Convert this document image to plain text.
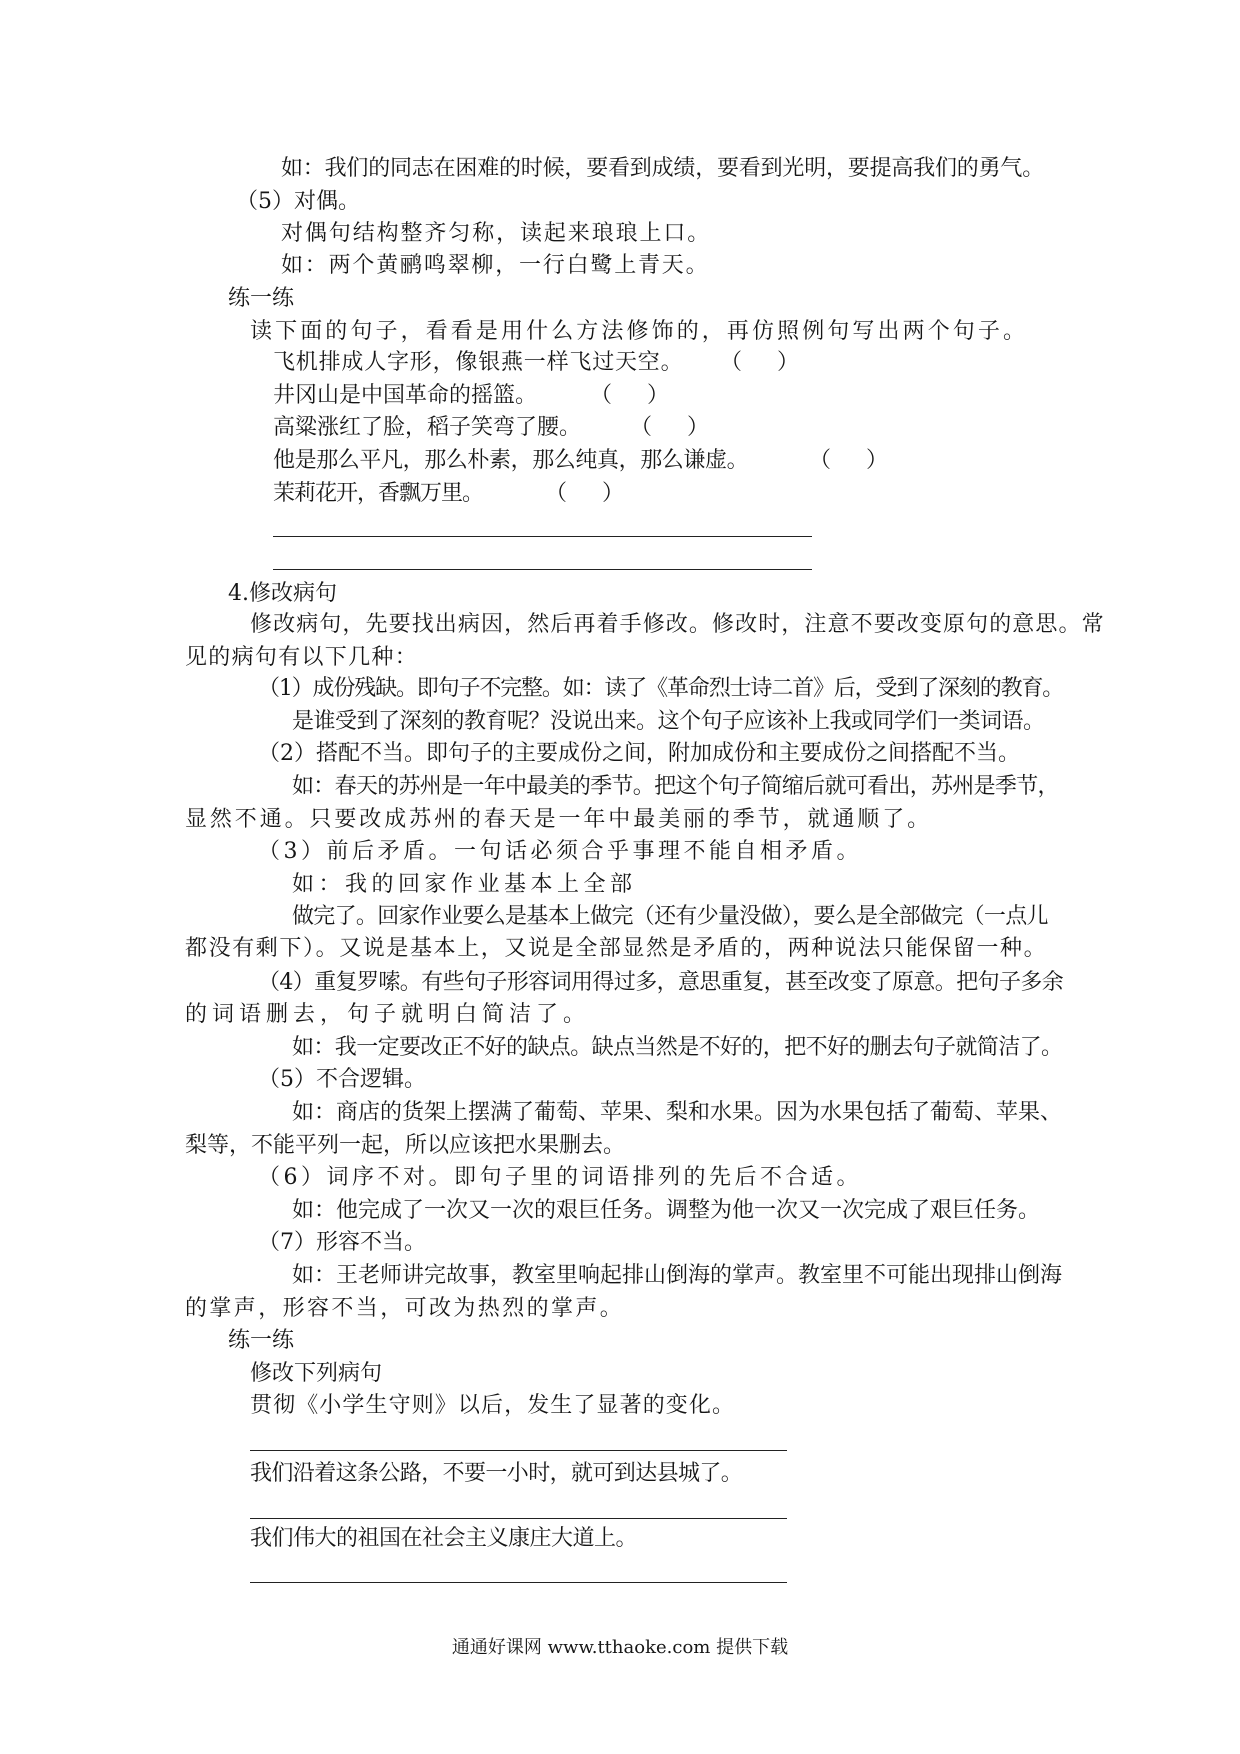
如：我们的同志在困难的时候，要看到成绩，要看到光明，要提高我们的勇气。
（5）对偶。
对偶句结构整齐匀称，读起来琅琅上口。
如：两个黄鹂鸣翠柳，一行白鹭上青天。
练一练
读下面的句子，看看是用什么方法修饰的，再仿照例句写出两个句子。
飞机排成人字形，像银燕一样飞过天空。 （　　）
井冈山是中国革命的摇篮。 （　　）
高粱涨红了脸，稻子笑弯了腰。 （　　）
他是那么平凡，那么朴素，那么纯真，那么谦虚。	（　　）
茉莉花开，香飘万里。	（　　）
4.修改病句
修改病句，先要找出病因，然后再着手修改。修改时，注意不要改变原句的意思。常
见的病句有以下几种：
（1）成份残缺。即句子不完整。如：读了《革命烈士诗二首》后，受到了深刻的教育。
是谁受到了深刻的教育呢？没说出来。这个句子应该补上我或同学们一类词语。
（2）搭配不当。即句子的主要成份之间，附加成份和主要成份之间搭配不当。
如：春天的苏州是一年中最美的季节。把这个句子简缩后就可看出，苏州是季节，
显然不通。只要改成苏州的春天是一年中最美丽的季节，就通顺了。
（3）前后矛盾。一句话必须合乎事理不能自相矛盾。
如：我的回家作业基本上全部
做完了。回家作业要么是基本上做完（还有少量没做），要么是全部做完（一点儿
都没有剩下）。又说是基本上，又说是全部显然是矛盾的，两种说法只能保留一种。
（4）重复罗嗦。有些句子形容词用得过多，意思重复，甚至改变了原意。把句子多余
的词语删去，句子就明白简洁了。
如：我一定要改正不好的缺点。缺点当然是不好的，把不好的删去句子就简洁了。
（5）不合逻辑。
如：商店的货架上摆满了葡萄、苹果、梨和水果。因为水果包括了葡萄、苹果、
梨等，不能平列一起，所以应该把水果删去。
（6）词序不对。即句子里的词语排列的先后不合适。
如：他完成了一次又一次的艰巨任务。调整为他一次又一次完成了艰巨任务。
（7）形容不当。
如：王老师讲完故事，教室里响起排山倒海的掌声。教室里不可能出现排山倒海
的掌声，形容不当，可改为热烈的掌声。
练一练
修改下列病句
贯彻《小学生守则》以后，发生了显著的变化。
我们沿着这条公路，不要一小时，就可到达县城了。
我们伟大的祖国在社会主义康庄大道上。
通通好课网 www.tthaoke.com 提供下载
